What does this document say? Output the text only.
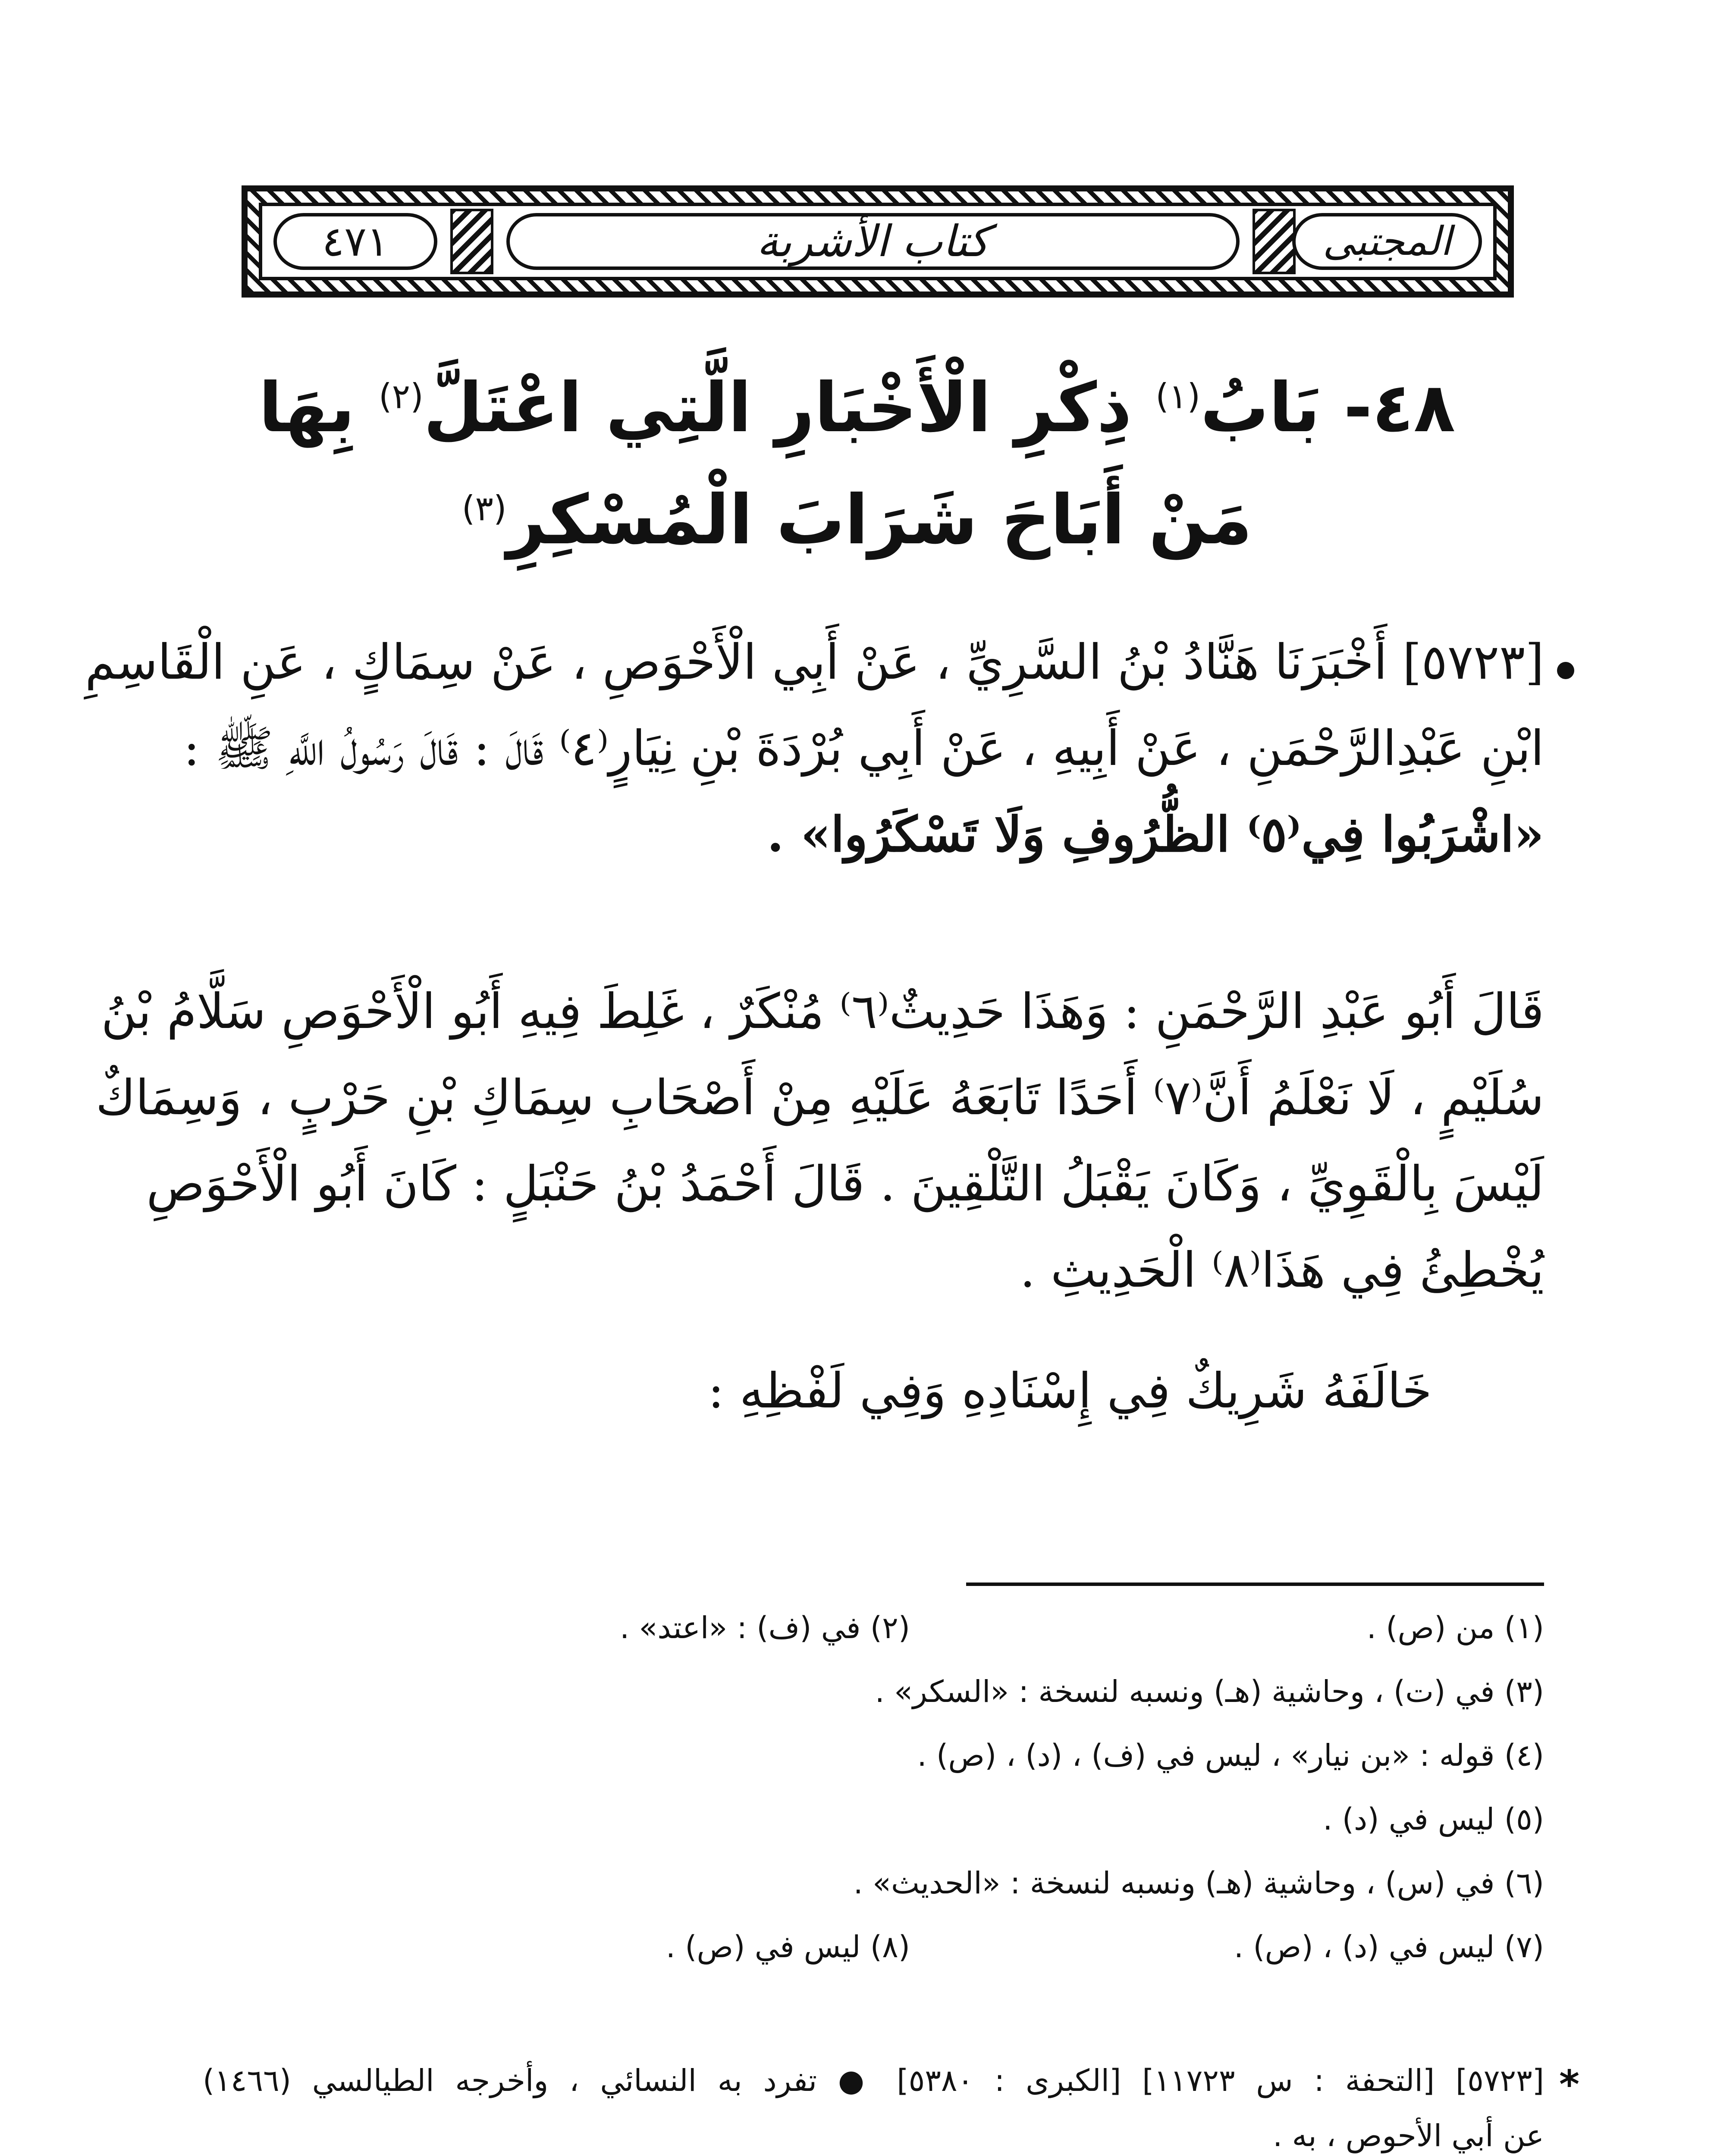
٤٧١	كتاب الأشربة	المجتبى
٤٨- بَابُ$^{(١)}$ ذِكْرِ الْأَخْبَارِ الَّتِي اعْتَلَّ$^{(٢)}$ بِهَا
مَنْ أَبَاحَ شَرَابَ الْمُسْكِرِ$^{(٣)}$
[٥٧٢٣] أَخْبَرَنَا هَنَّادُ بْنُ السَّرِيِّ ، عَنْ أَبِي الْأَحْوَصِ ، عَنْ سِمَاكٍ ، عَنِ الْقَاسِمِ
ابْنِ عَبْدِالرَّحْمَنِ ، عَنْ أَبِيهِ ، عَنْ أَبِي بُرْدَةَ بْنِ نِيَارٍ⁽٤⁾ قَالَ : قَالَ رَسُولُ اللَّهِ ﷺ :
«اشْرَبُوا فِي⁽٥⁾ الظُّرُوفِ وَلَا تَسْكَرُوا» .
قَالَ أَبُو عَبْدِ الرَّحْمَنِ : وَهَذَا حَدِيثٌ⁽٦⁾ مُنْكَرٌ ، غَلِطَ فِيهِ أَبُو الْأَحْوَصِ سَلَّامُ بْنُ
سُلَيْمٍ ، لَا نَعْلَمُ أَنَّ⁽٧⁾ أَحَدًا تَابَعَهُ عَلَيْهِ مِنْ أَصْحَابِ سِمَاكِ بْنِ حَرْبٍ ، وَسِمَاكٌ
لَيْسَ بِالْقَوِيِّ ، وَكَانَ يَقْبَلُ التَّلْقِينَ . قَالَ أَحْمَدُ بْنُ حَنْبَلٍ : كَانَ أَبُو الْأَحْوَصِ
يُخْطِئُ فِي هَذَا⁽٨⁾ الْحَدِيثِ .
خَالَفَهُ شَرِيكٌ فِي إِسْنَادِهِ وَفِي لَفْظِهِ :
(١) من (ص) .
(٢) في (ف) : «اعتد» .
(٣) في (ت) ، وحاشية (هـ) ونسبه لنسخة : «السكر» .
(٤) قوله : «بن نيار» ، ليس في (ف) ، (د) ، (ص) .
(٥) ليس في (د) .
(٦) في (س) ، وحاشية (هـ) ونسبه لنسخة : «الحديث» .
(٧) ليس في (د) ، (ص) .
(٨) ليس في (ص) .
*
[٥٧٢٣] [التحفة : س ١١٧٢٣] [الكبرى : ٥٣٨٠] ● تفرد به النسائي ، وأخرجه الطيالسي (١٤٦٦)
عن أبي الأحوص ، به .
